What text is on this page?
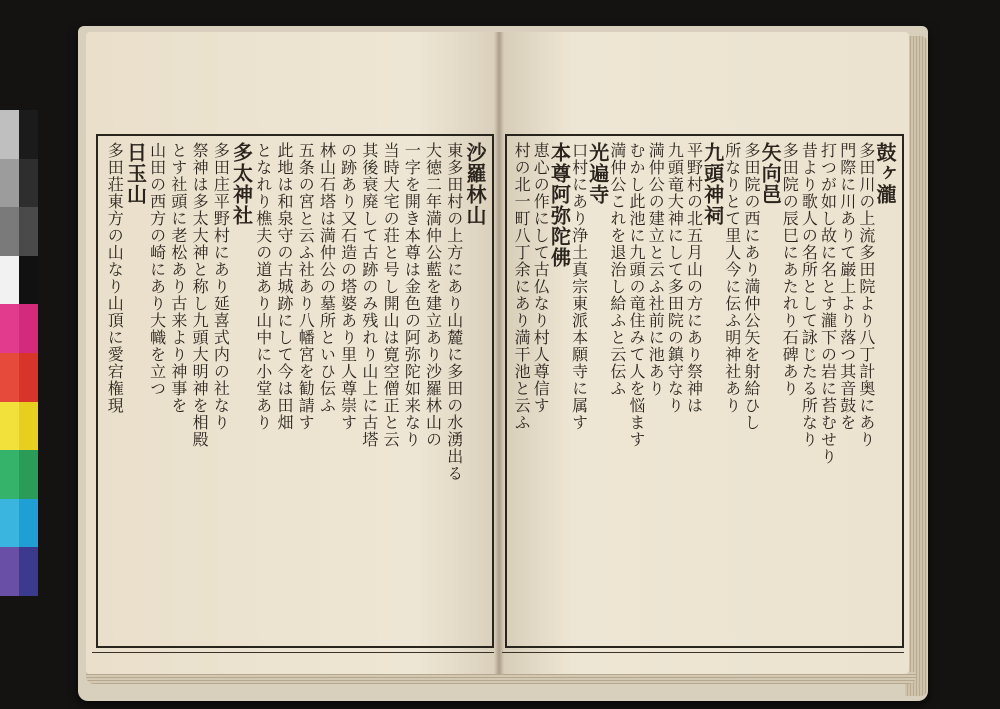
沙羅林山
東多田村の上方にあり山麓に多田の水湧出る
大徳二年満仲公藍を建立あり沙羅林山の
一字を開き本尊は金色の阿弥陀如来なり
当時大宅の荘と号し開山は寛空僧正と云
其後衰廃して古跡のみ残れり山上に古塔
の跡あり又石造の塔婆あり里人尊崇す
林山石塔は満仲公の墓所といひ伝ふ
五条の宮と云ふ社あり八幡宮を勧請す
此地は和泉守の古城跡にして今は田畑
となれり樵夫の道あり山中に小堂あり
多太神社
多田庄平野村にあり延喜式内の社なり
祭神は多太大神と称し九頭大明神を相殿
とす社頭に老松あり古来より神事を
山田の西方の崎にあり大幟を立つ
日玉山
多田荘東方の山なり山頂に愛宕権現	鼓ヶ瀧
多田川の上流多田院より八丁計奥にあり
門際に川ありて巌上より落つ其音鼓を
打つが如し故に名とす瀧下の岩に苔むせり
昔より歌人の名所として詠じたる所なり
多田院の辰巳にあたれり石碑あり
矢向邑
多田院の西にあり満仲公矢を射給ひし
所なりとて里人今に伝ふ明神社あり
九頭神祠
平野村の北五月山の方にあり祭神は
九頭竜大神にして多田院の鎮守なり
満仲公の建立と云ふ社前に池あり
むかし此池に九頭の竜住みて人を悩ます
満仲公これを退治し給ふと云伝ふ
光遍寺
口村にあり浄土真宗東派本願寺に属す
本尊阿弥陀佛
恵心の作にして古仏なり村人尊信す
村の北一町八丁余にあり満干池と云ふ
